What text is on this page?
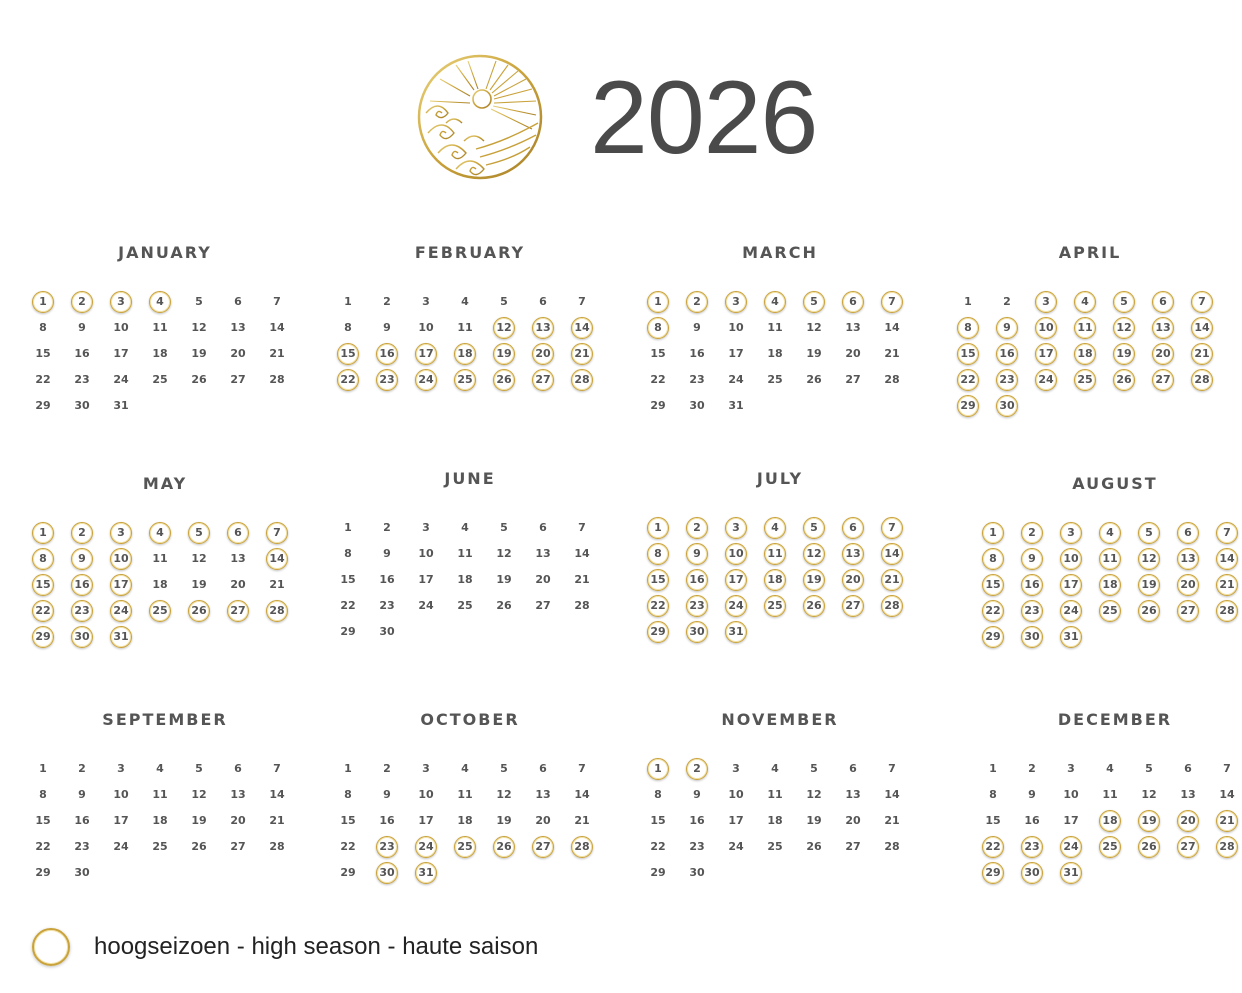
2026
JANUARY
1	2	3	4	5	6	7
8	9	10	11	12	13	14
15	16	17	18	19	20	21
22	23	24	25	26	27	28
29	30	31
FEBRUARY
1	2	3	4	5	6	7
8	9	10	11	12	13	14
15	16	17	18	19	20	21
22	23	24	25	26	27	28
MARCH
1	2	3	4	5	6	7
8	9	10	11	12	13	14
15	16	17	18	19	20	21
22	23	24	25	26	27	28
29	30	31
APRIL
1	2	3	4	5	6	7
8	9	10	11	12	13	14
15	16	17	18	19	20	21
22	23	24	25	26	27	28
29	30
MAY
1	2	3	4	5	6	7
8	9	10	11	12	13	14
15	16	17	18	19	20	21
22	23	24	25	26	27	28
29	30	31
JUNE
1	2	3	4	5	6	7
8	9	10	11	12	13	14
15	16	17	18	19	20	21
22	23	24	25	26	27	28
29	30
JULY
1	2	3	4	5	6	7
8	9	10	11	12	13	14
15	16	17	18	19	20	21
22	23	24	25	26	27	28
29	30	31
AUGUST
1	2	3	4	5	6	7
8	9	10	11	12	13	14
15	16	17	18	19	20	21
22	23	24	25	26	27	28
29	30	31
SEPTEMBER
1	2	3	4	5	6	7
8	9	10	11	12	13	14
15	16	17	18	19	20	21
22	23	24	25	26	27	28
29	30
OCTOBER
1	2	3	4	5	6	7
8	9	10	11	12	13	14
15	16	17	18	19	20	21
22	23	24	25	26	27	28
29	30	31
NOVEMBER
1	2	3	4	5	6	7
8	9	10	11	12	13	14
15	16	17	18	19	20	21
22	23	24	25	26	27	28
29	30
DECEMBER
1	2	3	4	5	6	7
8	9	10	11	12	13	14
15	16	17	18	19	20	21
22	23	24	25	26	27	28
29	30	31
hoogseizoen - high season - haute saison
